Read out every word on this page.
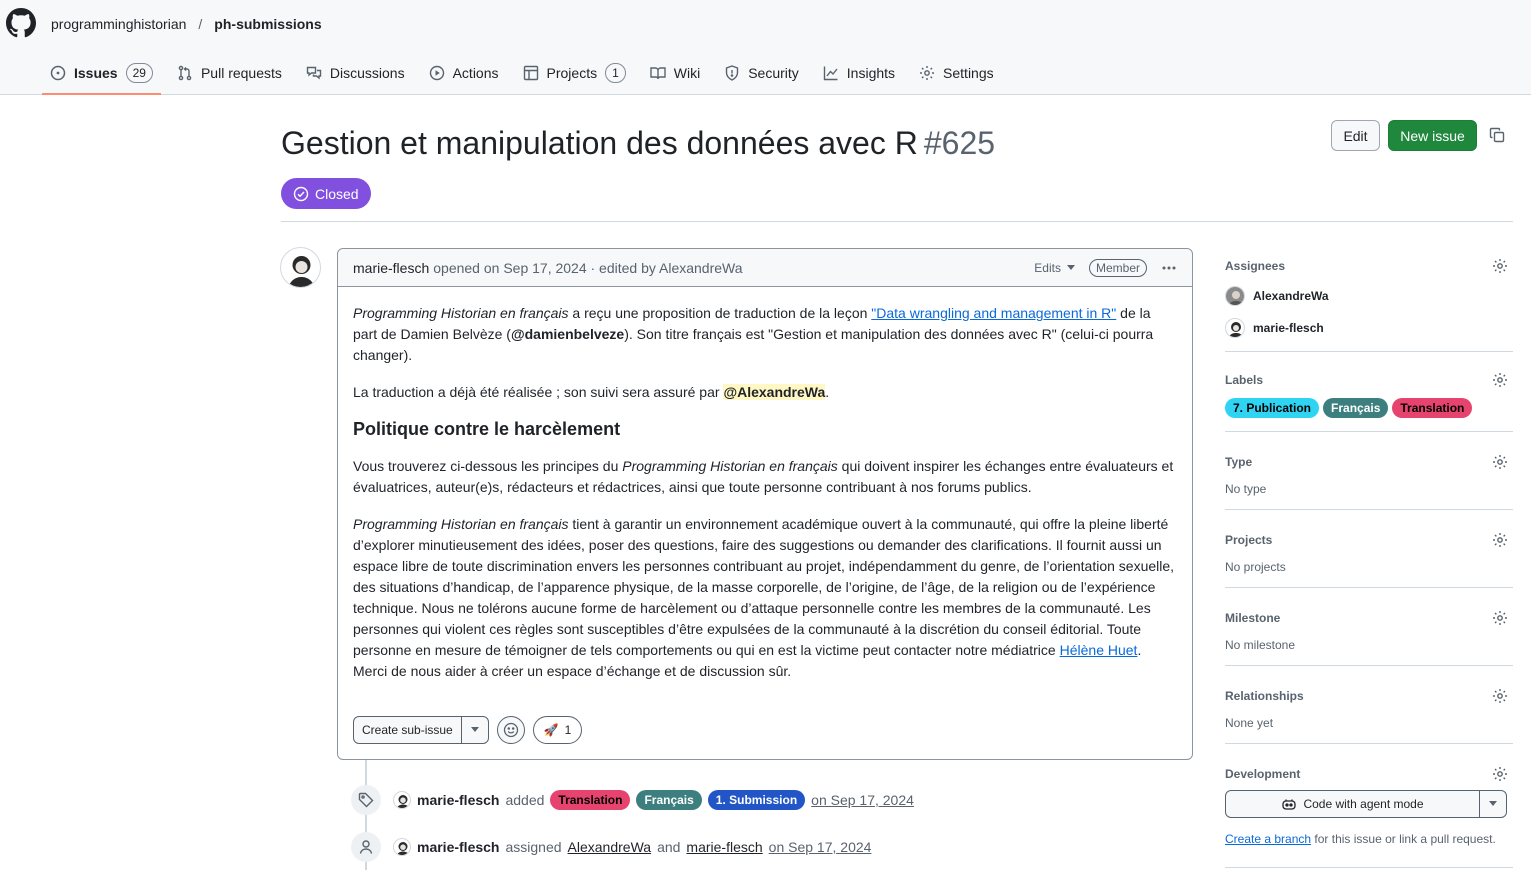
programminghistorian / ph-submissions
Issues	29	Pull requests	Discussions	Actions	Projects	1	Wiki	Security	Insights	Settings
Gestion et manipulation des données avec R #625
Closed
Edit	New issue
marie-flesch opened on Sep 17, 2024 · edited by AlexandreWa	Edits	Member

Programming Historian en français a reçu une proposition de traduction de la leçon "Data wrangling and management in R" de la part de Damien Belvèze (@damienbelveze). Son titre français est "Gestion et manipulation des données avec R" (celui-ci pourra changer).

La traduction a déjà été réalisée ; son suivi sera assuré par @AlexandreWa.

Politique contre le harcèlement

Vous trouverez ci-dessous les principes du Programming Historian en français qui doivent inspirer les échanges entre évaluateurs et évaluatrices, auteur(e)s, rédacteurs et rédactrices, ainsi que toute personne contribuant à nos forums publics.

Programming Historian en français tient à garantir un environnement académique ouvert à la communauté, qui offre la pleine liberté d’explorer minutieusement des idées, poser des questions, faire des suggestions ou demander des clarifications. Il fournit aussi un espace libre de toute discrimination envers les personnes contribuant au projet, indépendamment du genre, de l’orientation sexuelle, des situations d’handicap, de l’apparence physique, de la masse corporelle, de l’origine, de l’âge, de la religion ou de l’expérience technique. Nous ne tolérons aucune forme de harcèlement ou d’attaque personnelle contre les membres de la communauté. Les personnes qui violent ces règles sont susceptibles d’être expulsées de la communauté à la discrétion du conseil éditorial. Toute personne en mesure de témoigner de tels comportements ou qui en est la victime peut contacter notre médiatrice Hélène Huet. Merci de nous aider à créer un espace d’échange et de discussion sûr.

Create sub-issue	🚀 1
marie-flesch added	Translation	Français	1. Submission	on Sep 17, 2024
marie-flesch assigned AlexandreWa and marie-flesch on Sep 17, 2024
Assignees
AlexandreWa
marie-flesch
Labels
7. Publication	Français	Translation
Type
No type
Projects
No projects
Milestone
No milestone
Relationships
None yet
Development
Code with agent mode
Create a branch for this issue or link a pull request.
